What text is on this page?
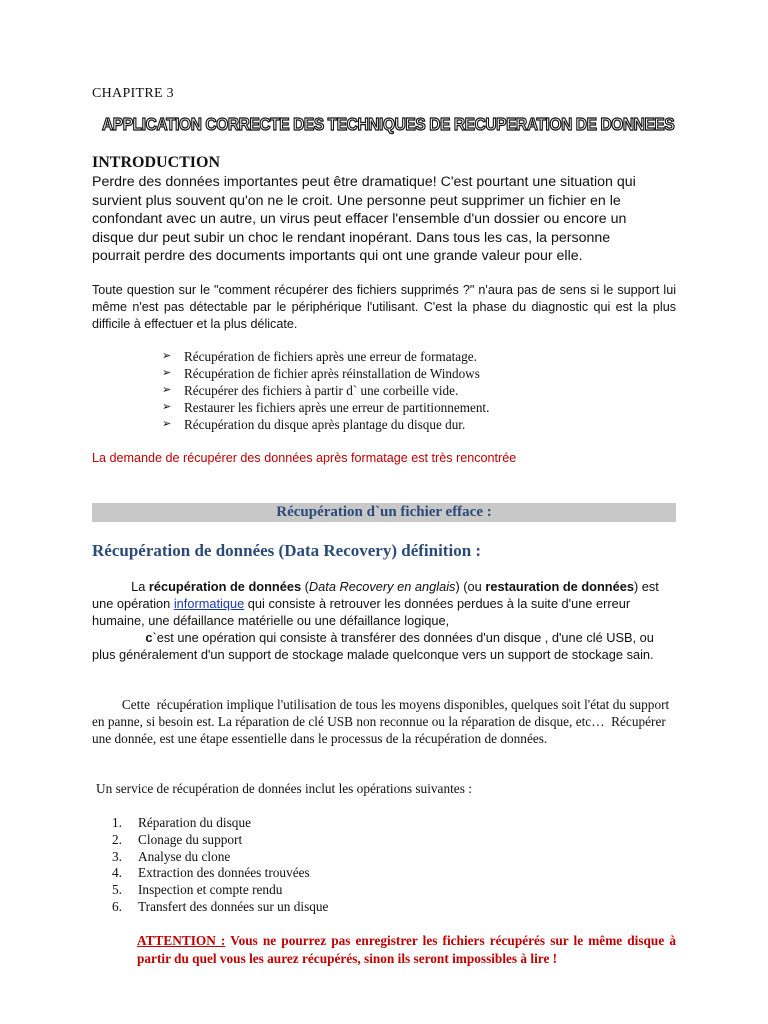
CHAPITRE 3
APPLICATION CORRECTE DES TECHNIQUES DE RECUPERATION DE DONNEES
INTRODUCTION
Perdre des données importantes peut être dramatique! C'est pourtant une situation qui survient plus souvent qu'on ne le croit. Une personne peut supprimer un fichier en le confondant avec un autre, un virus peut effacer l'ensemble d'un dossier ou encore un disque dur peut subir un choc le rendant inopérant. Dans tous les cas, la personne pourrait perdre des documents importants qui ont une grande valeur pour elle.
Toute question sur le "comment récupérer des fichiers supprimés ?" n'aura pas de sens si le support lui même n'est pas détectable par le périphérique l'utilisant. C'est la phase du diagnostic qui est la plus difficile à effectuer et la plus délicate.
➢ Récupération de fichiers après une erreur de formatage.
➢ Récupération de fichier après réinstallation de Windows
➢ Récupérer des fichiers à partir d` une corbeille vide.
➢ Restaurer les fichiers après une erreur de partitionnement.
➢ Récupération du disque après plantage du disque dur.
La demande de récupérer des données après formatage est très rencontrée
Récupération d`un fichier efface :
Récupération de données (Data Recovery) définition :
La récupération de données (Data Recovery en anglais) (ou restauration de données) est une opération informatique qui consiste à retrouver les données perdues à la suite d'une erreur humaine, une défaillance matérielle ou une défaillance logique,
c`est une opération qui consiste à transférer des données d'un disque , d'une clé USB, ou plus généralement d'un support de stockage malade quelconque vers un support de stockage sain.
Cette  récupération implique l'utilisation de tous les moyens disponibles, quelques soit l'état du support en panne, si besoin est. La réparation de clé USB non reconnue ou la réparation de disque, etc…  Récupérer une donnée, est une étape essentielle dans le processus de la récupération de données.
Un service de récupération de données inclut les opérations suivantes :
1. Réparation du disque
2. Clonage du support
3. Analyse du clone
4. Extraction des données trouvées
5. Inspection et compte rendu
6. Transfert des données sur un disque
ATTENTION : Vous ne pourrez pas enregistrer les fichiers récupérés sur le même disque à partir du quel vous les aurez récupérés, sinon ils seront impossibles à lire !
